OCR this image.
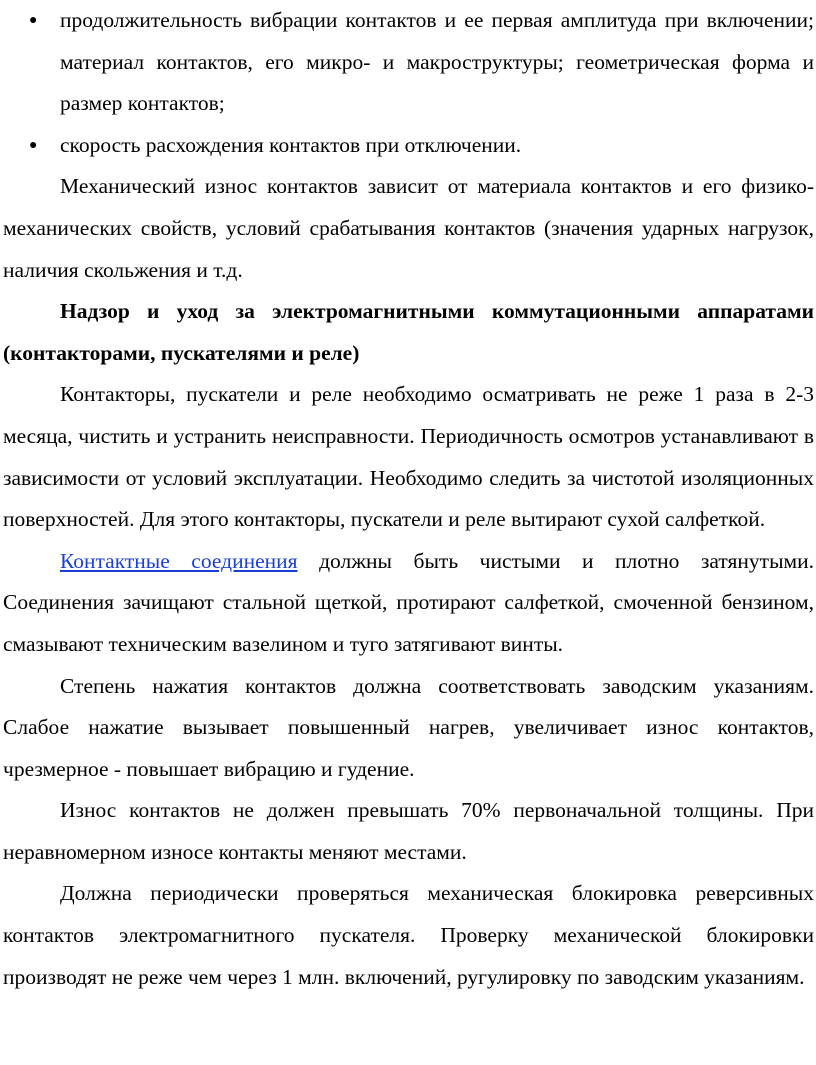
● продолжительность вибрации контактов и ее первая амплитуда при включении; материал контактов, его микро- и макроструктуры; геометрическая форма и размер контактов;
● скорость расхождения контактов при отключении.

Механический износ контактов зависит от материала контактов и его физико-механических свойств, условий срабатывания контактов (значения ударных нагрузок, наличия скольжения и т.д.

Надзор и уход за электромагнитными коммутационными аппаратами (контакторами, пускателями и реле)

Контакторы, пускатели и реле необходимо осматривать не реже 1 раза в 2-3 месяца, чистить и устранить неисправности. Периодичность осмотров устанавливают в зависимости от условий эксплуатации. Необходимо следить за чистотой изоляционных поверхностей. Для этого контакторы, пускатели и реле вытирают сухой салфеткой.

Контактные соединения должны быть чистыми и плотно затянутыми. Соединения зачищают стальной щеткой, протирают салфеткой, смоченной бензином, смазывают техническим вазелином и туго затягивают винты.

Степень нажатия контактов должна соответствовать заводским указаниям. Слабое нажатие вызывает повышенный нагрев, увеличивает износ контактов, чрезмерное - повышает вибрацию и гудение.

Износ контактов не должен превышать 70% первоначальной толщины. При неравномерном износе контакты меняют местами.

Должна периодически проверяться механическая блокировка реверсивных контактов электромагнитного пускателя. Проверку механической блокировки производят не реже чем через 1 млн. включений, ругулировку по заводским указаниям.
